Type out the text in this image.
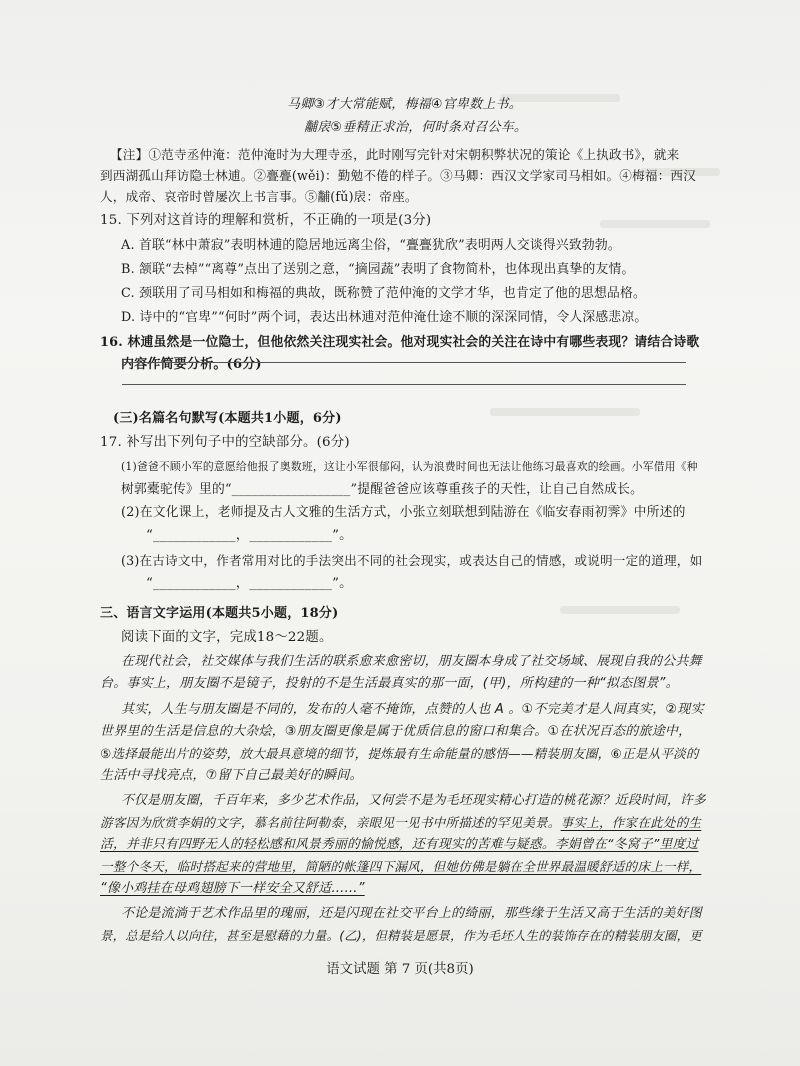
马卿③才大常能赋，梅福④官卑数上书。
黼扆⑤垂精正求治，何时条对召公车。
【注】①范寺丞仲淹：范仲淹时为大理寺丞，此时刚写完针对宋朝积弊状况的策论《上执政书》，就来
到西湖孤山拜访隐士林逋。②亹亹(wěi)：勤勉不倦的样子。③马卿：西汉文学家司马相如。④梅福：西汉
人，成帝、哀帝时曾屡次上书言事。⑤黼(fǔ)扆：帝座。
15. 下列对这首诗的理解和赏析，不正确的一项是(3分)
A. 首联“林中萧寂”表明林逋的隐居地远离尘俗，“亹亹犹欣”表明两人交谈得兴致勃勃。
B. 颔联“去棹”“离尊”点出了送别之意，“摘园蔬”表明了食物简朴，也体现出真挚的友情。
C. 颈联用了司马相如和梅福的典故，既称赞了范仲淹的文学才华，也肯定了他的思想品格。
D. 诗中的“官卑”“何时”两个词，表达出林逋对范仲淹仕途不顺的深深同情，令人深感悲凉。
16. 林逋虽然是一位隐士，但他依然关注现实社会。他对现实社会的关注在诗中有哪些表现？请结合诗歌
内容作简要分析。(6分)
(三)名篇名句默写(本题共1小题，6分)
17. 补写出下列句子中的空缺部分。(6分)
(1)爸爸不顾小军的意愿给他报了奥数班，这让小军很郁闷，认为浪费时间也无法让他练习最喜欢的绘画。小军借用《种
树郭橐驼传》里的“__________________”提醒爸爸应该尊重孩子的天性，让自己自然成长。
(2)在文化课上，老师提及古人文雅的生活方式，小张立刻联想到陆游在《临安春雨初霁》中所述的
“____________，____________”。
(3)在古诗文中，作者常用对比的手法突出不同的社会现实，或表达自己的情感，或说明一定的道理，如
“____________，____________”。
三、语言文字运用(本题共5小题，18分)
阅读下面的文字，完成18～22题。
在现代社会，社交媒体与我们生活的联系愈来愈密切，朋友圈本身成了社交场域、展现自我的公共舞
台。事实上，朋友圈不是镜子，投射的不是生活最真实的那一面，(甲)，所构建的一种“拟态图景”。
其实，人生与朋友圈是不同的，发布的人毫不掩饰，点赞的人也 A 。①不完美才是人间真实，②现实
世界里的生活是信息的大杂烩，③朋友圈更像是属于优质信息的窗口和集合。①在状况百态的旅途中，
⑤选择最能出片的姿势，放大最具意境的细节，提炼最有生命能量的感悟——精装朋友圈，⑥正是从平淡的
生活中寻找亮点，⑦留下自己最美好的瞬间。
不仅是朋友圈，千百年来，多少艺术作品，又何尝不是为毛坯现实精心打造的桃花源？近段时间，许多
游客因为欣赏李娟的文字，慕名前往阿勒泰，亲眼见一见书中所描述的罕见美景。事实上，作家在此处的生
活，并非只有四野无人的轻松感和风景秀丽的愉悦感，还有现实的苦难与疑惑。李娟曾在“冬窝子”里度过
一整个冬天，临时搭起来的营地里，简陋的帐篷四下漏风，但她仿佛是躺在全世界最温暖舒适的床上一样，
“像小鸡挂在母鸡翅膀下一样安全又舒适……”
不论是流淌于艺术作品里的瑰丽，还是闪现在社交平台上的绮丽，那些缘于生活又高于生活的美好图
景，总是给人以向往，甚至是慰藉的力量。(乙)，但精装是愿景，作为毛坯人生的装饰存在的精装朋友圈，更
语文试题 第 7 页(共8页)
